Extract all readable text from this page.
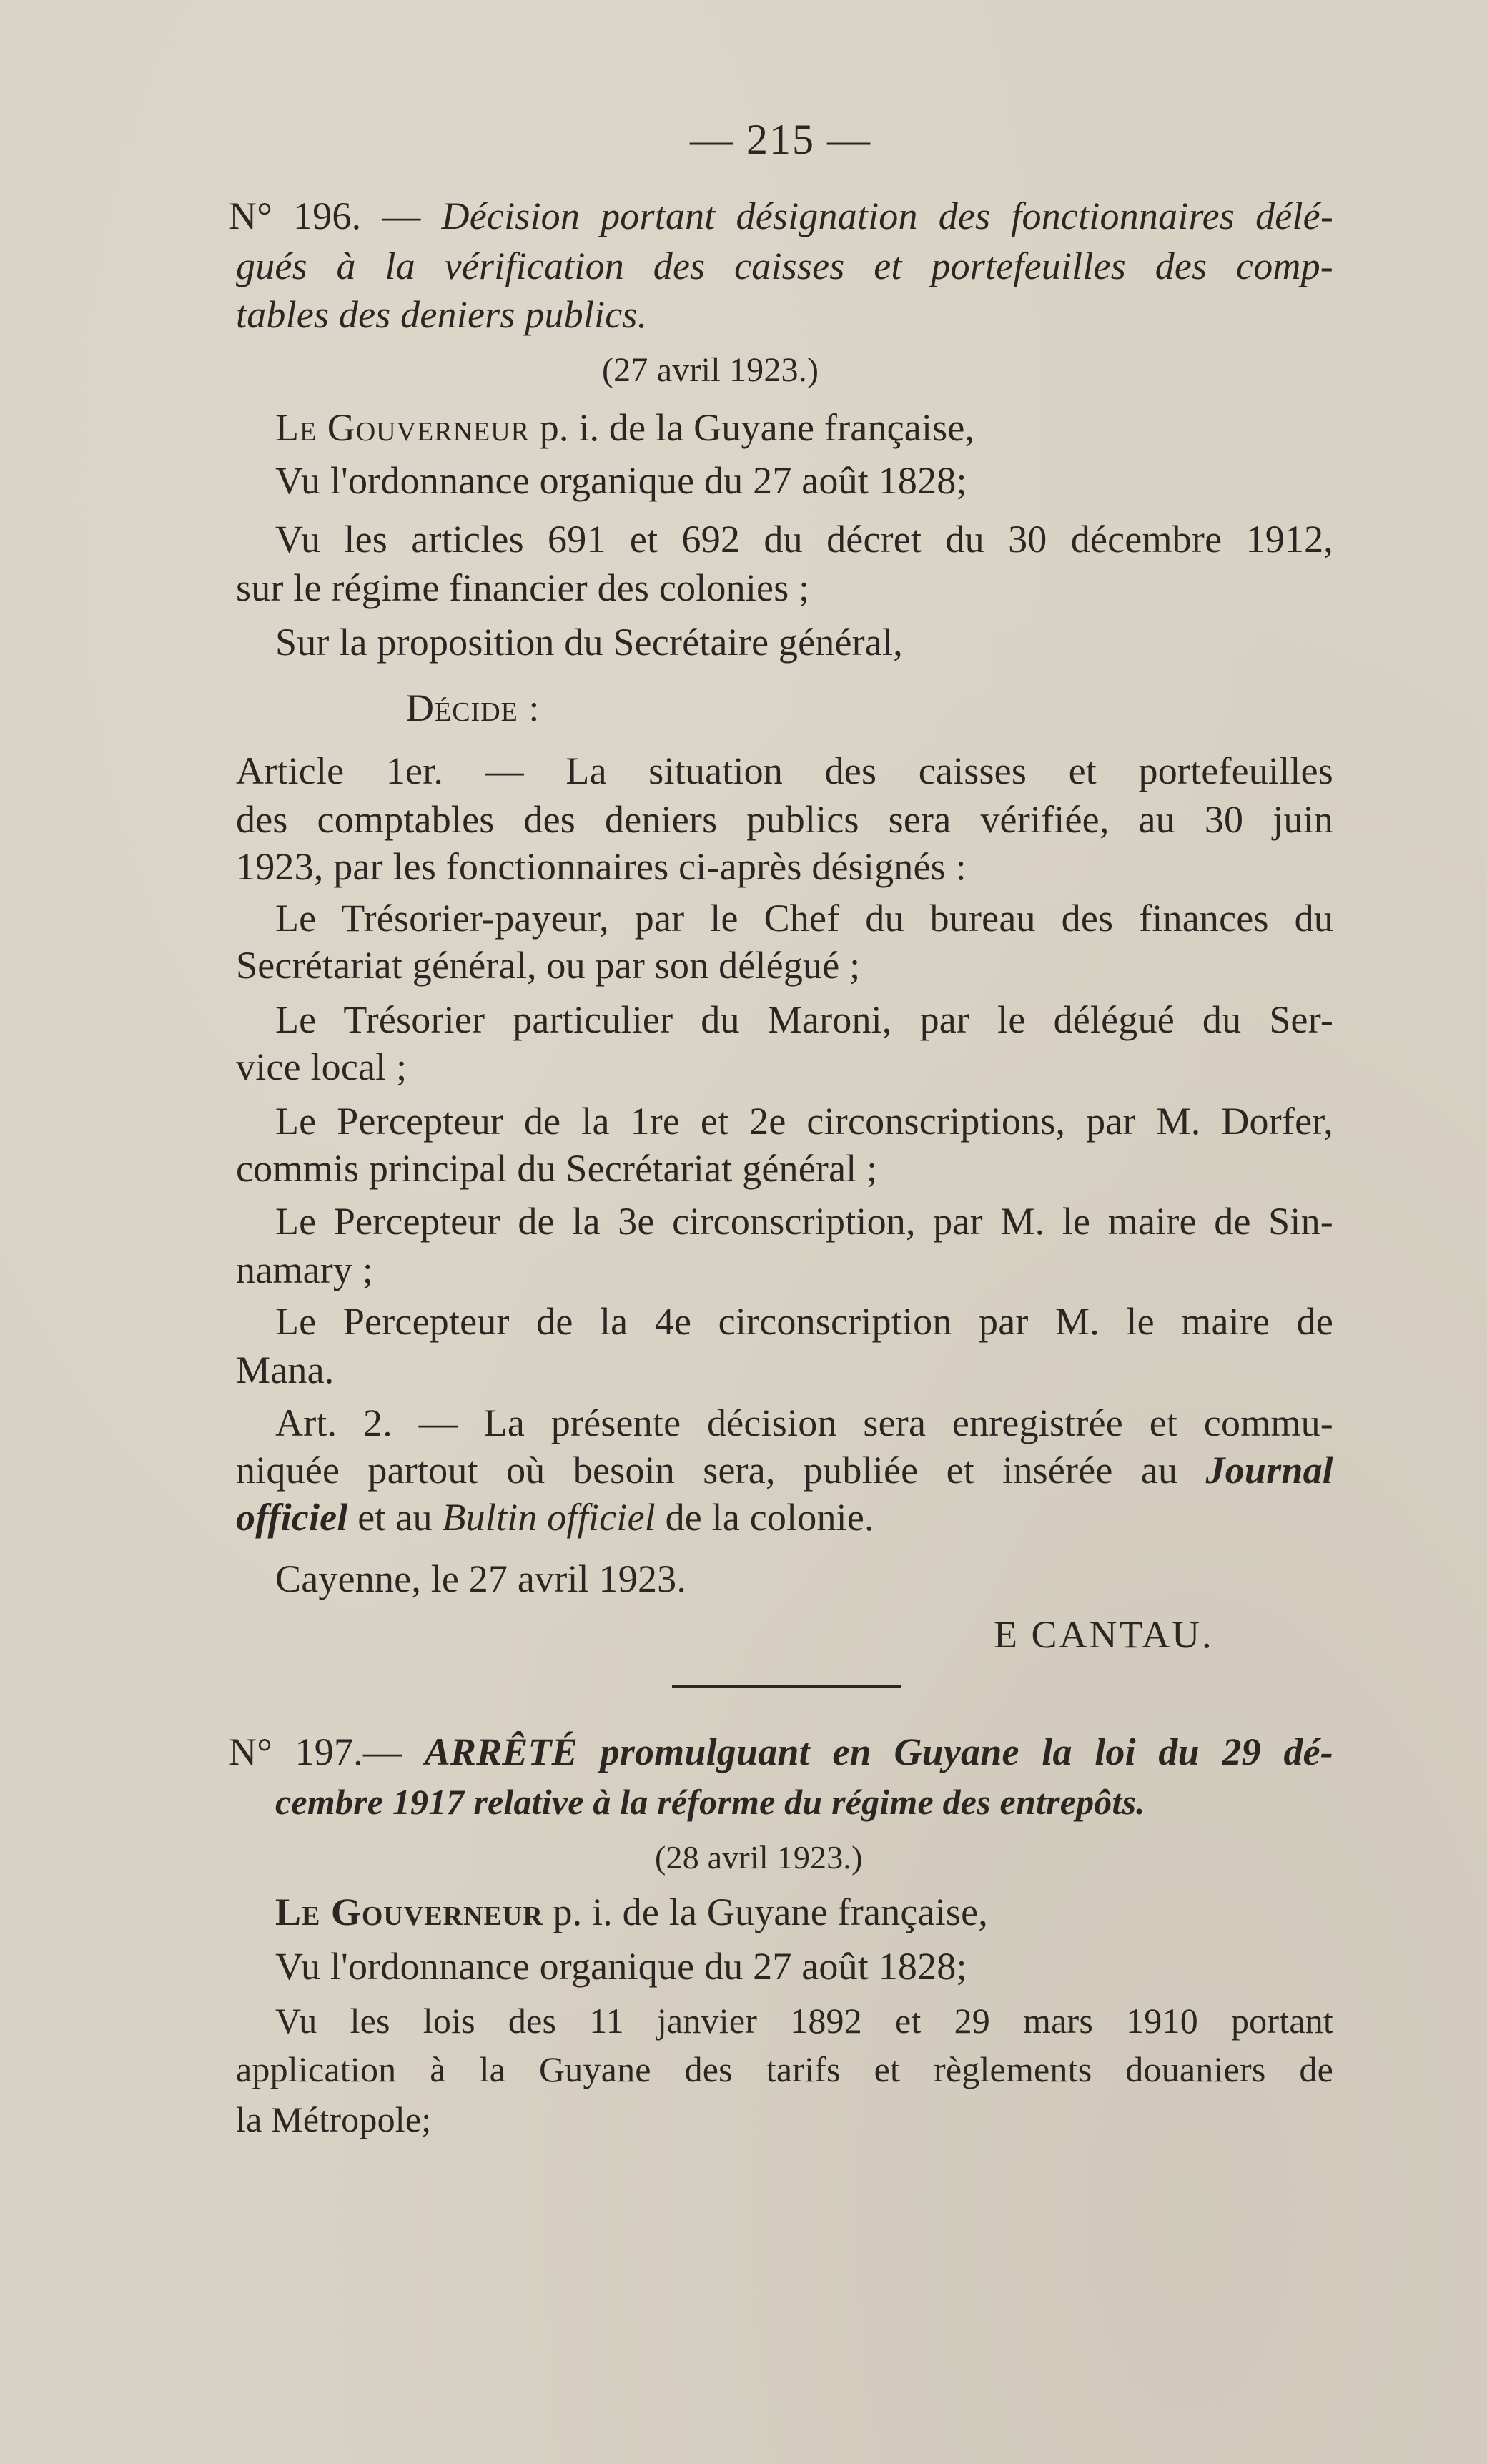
— 215 —
N° 196. — Décision portant désignation des fonctionnaires délé-
gués à la vérification des caisses et portefeuilles des comp-
tables des deniers publics.
(27 avril 1923.)
Le Gouverneur p. i. de la Guyane française,
Vu l'ordonnance organique du 27 août 1828;
Vu les articles 691 et 692 du décret du 30 décembre 1912,
sur le régime financier des colonies ;
Sur la proposition du Secrétaire général,
Décide :
Article 1er. — La situation des caisses et portefeuilles
des comptables des deniers publics sera vérifiée, au 30 juin
1923, par les fonctionnaires ci-après désignés :
Le Trésorier-payeur, par le Chef du bureau des finances du
Secrétariat général, ou par son délégué ;
Le Trésorier particulier du Maroni, par le délégué du Ser-
vice local ;
Le Percepteur de la 1re et 2e circonscriptions, par M. Dorfer,
commis principal du Secrétariat général ;
Le Percepteur de la 3e circonscription, par M. le maire de Sin-
namary ;
Le Percepteur de la 4e circonscription par M. le maire de
Mana.
Art. 2. — La présente décision sera enregistrée et commu-
niquée partout où besoin sera, publiée et insérée au Journal
officiel et au Bultin officiel de la colonie.
Cayenne, le 27 avril 1923.
E CANTAU.
N° 197.— ARRÊTÉ promulguant en Guyane la loi du 29 dé-
cembre 1917 relative à la réforme du régime des entrepôts.
(28 avril 1923.)
Le Gouverneur p. i. de la Guyane française,
Vu l'ordonnance organique du 27 août 1828;
Vu les lois des 11 janvier 1892 et 29 mars 1910 portant
application à la Guyane des tarifs et règlements douaniers de
la Métropole;
